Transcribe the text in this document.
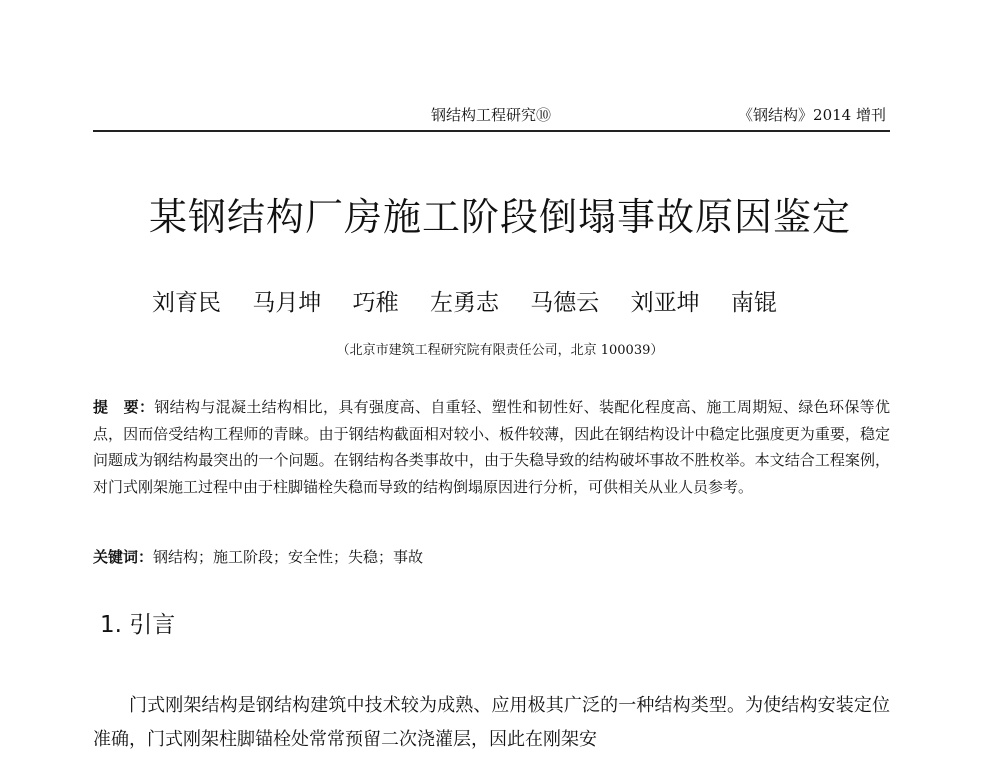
钢结构工程研究⑩	《钢结构》2014 增刊
某钢结构厂房施工阶段倒塌事故原因鉴定
刘育民 马月坤 巧稚 左勇志 马德云 刘亚坤 南锟
（北京市建筑工程研究院有限责任公司，北京 100039）
提　要：钢结构与混凝土结构相比，具有强度高、自重轻、塑性和韧性好、装配化程度高、施工周期短、绿色环保等优点，因而倍受结构工程师的青睐。由于钢结构截面相对较小、板件较薄，因此在钢结构设计中稳定比强度更为重要，稳定问题成为钢结构最突出的一个问题。在钢结构各类事故中，由于失稳导致的结构破坏事故不胜枚举。本文结合工程案例，对门式刚架施工过程中由于柱脚锚栓失稳而导致的结构倒塌原因进行分析，可供相关从业人员参考。
关键词：钢结构；施工阶段；安全性；失稳；事故
1. 引言

门式刚架结构是钢结构建筑中技术较为成熟、应用极其广泛的一种结构类型。为使结构安装定位准确，门式刚架柱脚锚栓处常常预留二次浇灌层，因此在刚架安
